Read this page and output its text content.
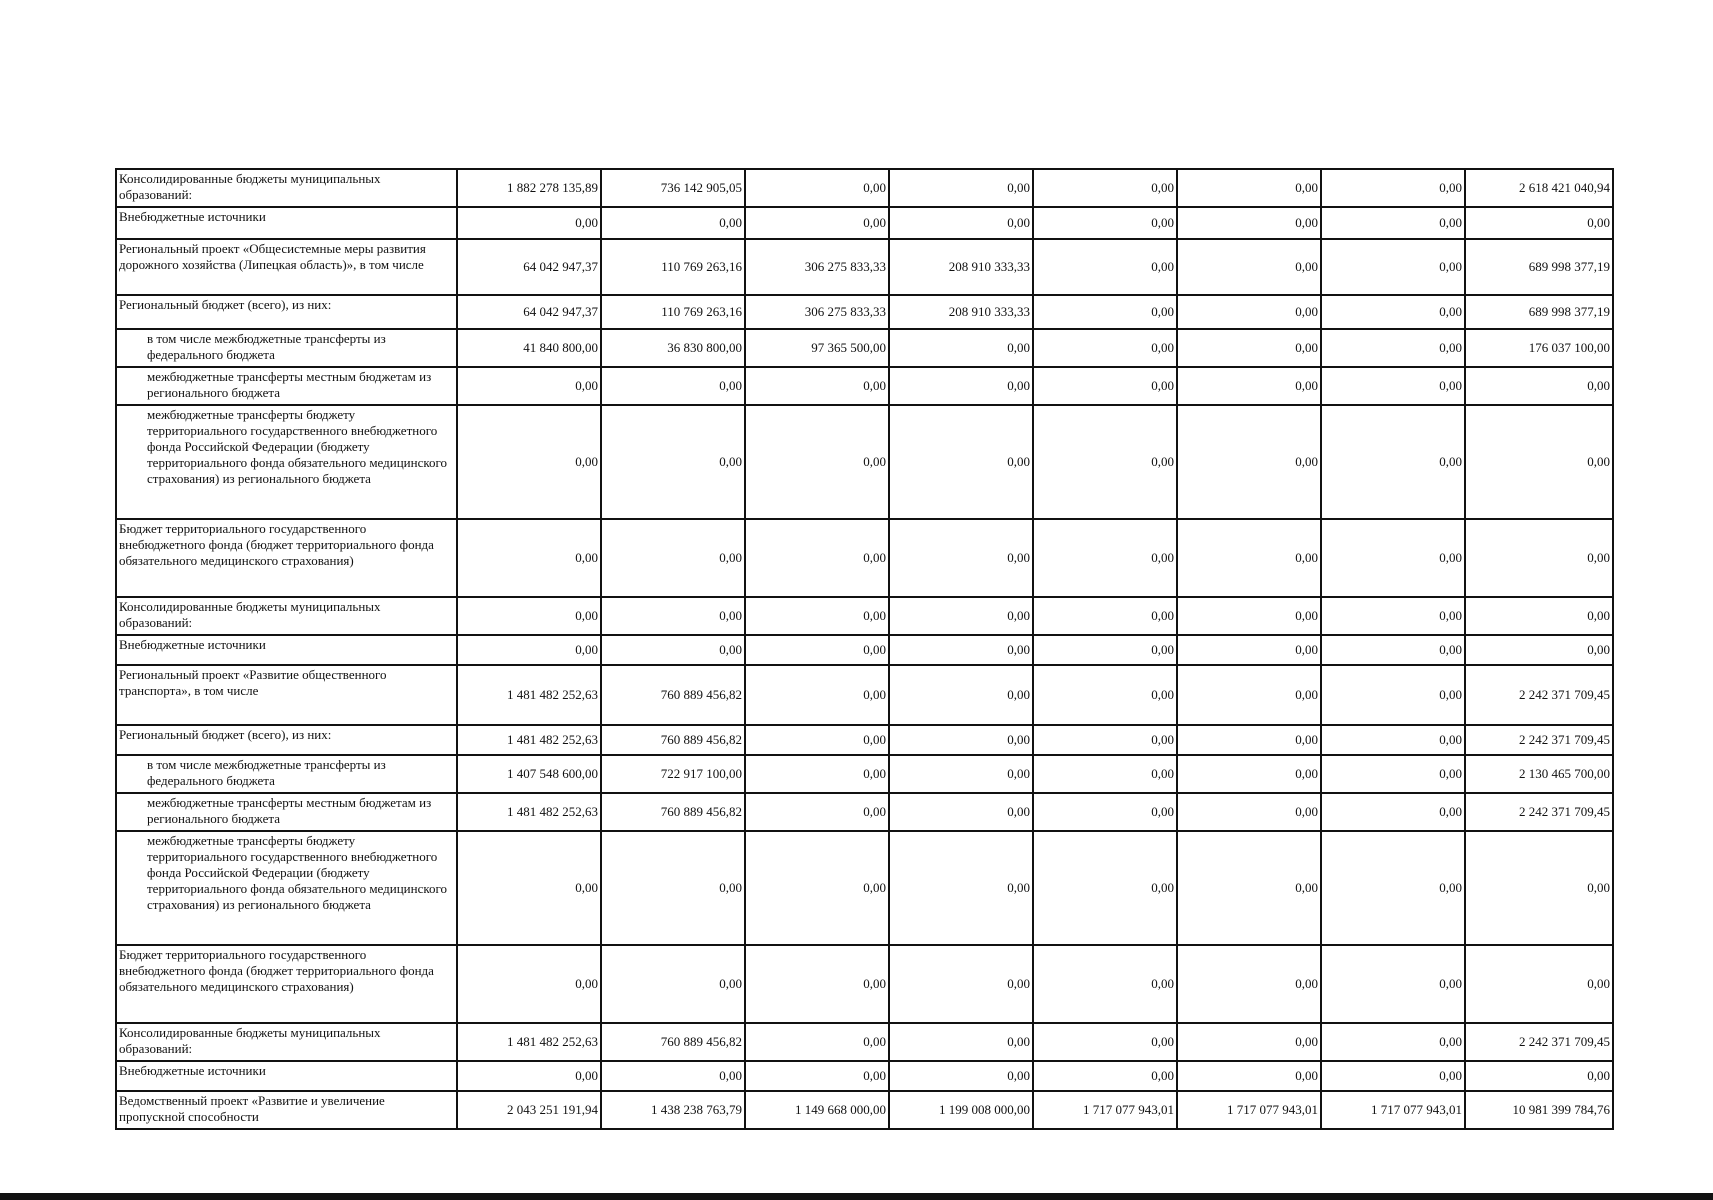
Консолидированные бюджеты муниципальных образований:	1 882 278 135,89	736 142 905,05	0,00	0,00	0,00	0,00	0,00	2 618 421 040,94
Внебюджетные источники	0,00	0,00	0,00	0,00	0,00	0,00	0,00	0,00
Региональный проект «Общесистемные меры развития дорожного хозяйства (Липецкая область)», в том числе	64 042 947,37	110 769 263,16	306 275 833,33	208 910 333,33	0,00	0,00	0,00	689 998 377,19
Региональный бюджет (всего), из них:	64 042 947,37	110 769 263,16	306 275 833,33	208 910 333,33	0,00	0,00	0,00	689 998 377,19
в том числе межбюджетные трансферты из федерального бюджета	41 840 800,00	36 830 800,00	97 365 500,00	0,00	0,00	0,00	0,00	176 037 100,00
межбюджетные трансферты местным бюджетам из регионального бюджета	0,00	0,00	0,00	0,00	0,00	0,00	0,00	0,00
межбюджетные трансферты бюджету территориального государственного внебюджетного фонда Российской Федерации (бюджету территориального фонда обязательного медицинского страхования) из регионального бюджета	0,00	0,00	0,00	0,00	0,00	0,00	0,00	0,00
Бюджет территориального государственного внебюджетного фонда (бюджет территориального фонда обязательного медицинского страхования)	0,00	0,00	0,00	0,00	0,00	0,00	0,00	0,00
Консолидированные бюджеты муниципальных образований:	0,00	0,00	0,00	0,00	0,00	0,00	0,00	0,00
Внебюджетные источники	0,00	0,00	0,00	0,00	0,00	0,00	0,00	0,00
Региональный проект «Развитие общественного транспорта», в том числе	1 481 482 252,63	760 889 456,82	0,00	0,00	0,00	0,00	0,00	2 242 371 709,45
Региональный бюджет (всего), из них:	1 481 482 252,63	760 889 456,82	0,00	0,00	0,00	0,00	0,00	2 242 371 709,45
в том числе межбюджетные трансферты из федерального бюджета	1 407 548 600,00	722 917 100,00	0,00	0,00	0,00	0,00	0,00	2 130 465 700,00
межбюджетные трансферты местным бюджетам из регионального бюджета	1 481 482 252,63	760 889 456,82	0,00	0,00	0,00	0,00	0,00	2 242 371 709,45
межбюджетные трансферты бюджету территориального государственного внебюджетного фонда Российской Федерации (бюджету территориального фонда обязательного медицинского страхования) из регионального бюджета	0,00	0,00	0,00	0,00	0,00	0,00	0,00	0,00
Бюджет территориального государственного внебюджетного фонда (бюджет территориального фонда обязательного медицинского страхования)	0,00	0,00	0,00	0,00	0,00	0,00	0,00	0,00
Консолидированные бюджеты муниципальных образований:	1 481 482 252,63	760 889 456,82	0,00	0,00	0,00	0,00	0,00	2 242 371 709,45
Внебюджетные источники	0,00	0,00	0,00	0,00	0,00	0,00	0,00	0,00
Ведомственный проект «Развитие и увеличение пропускной способности	2 043 251 191,94	1 438 238 763,79	1 149 668 000,00	1 199 008 000,00	1 717 077 943,01	1 717 077 943,01	1 717 077 943,01	10 981 399 784,76
